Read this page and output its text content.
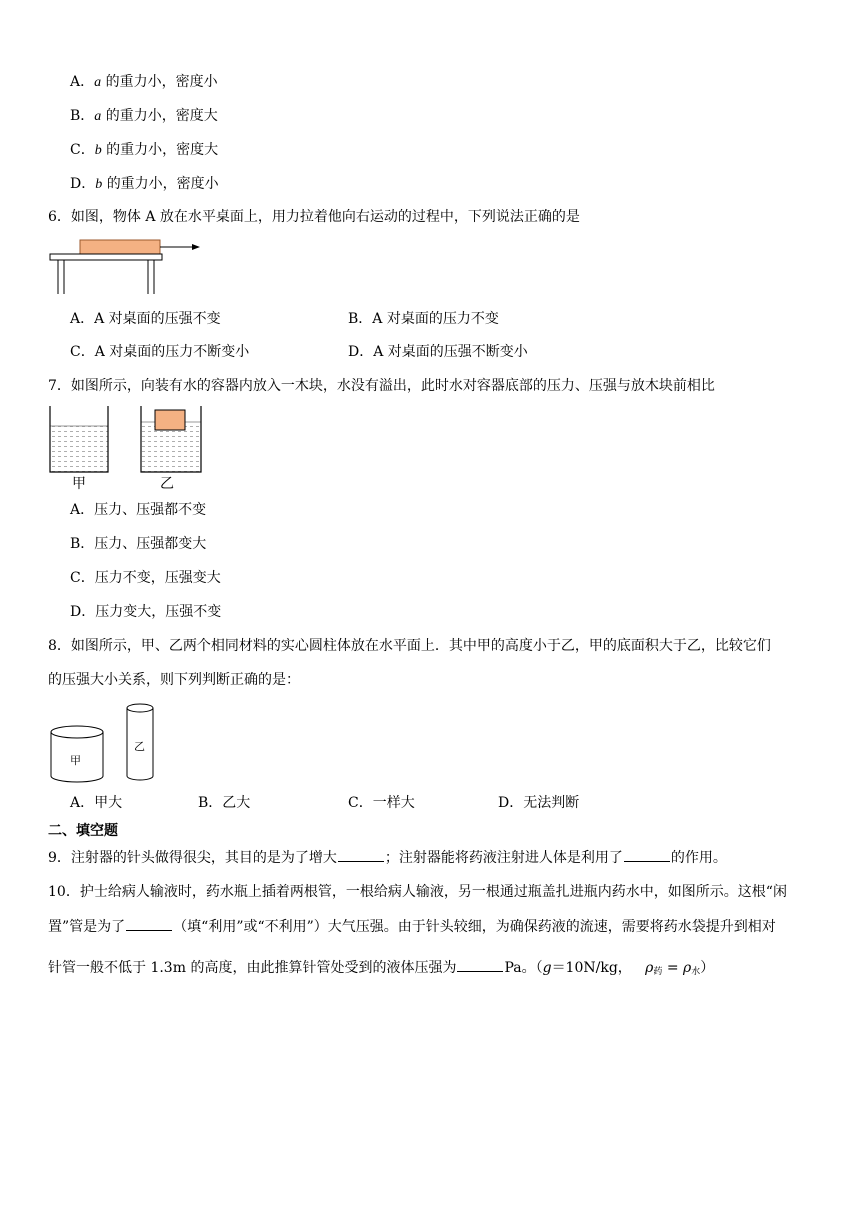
A．a 的重力小，密度小
B．a 的重力小，密度大
C．b 的重力小，密度大
D．b 的重力小，密度小
6．如图，物体 A 放在水平桌面上，用力拉着他向右运动的过程中，下列说法正确的是
A．A 对桌面的压强不变	B．A 对桌面的压力不变
C．A 对桌面的压力不断变小	D．A 对桌面的压强不断变小
7．如图所示，向装有水的容器内放入一木块，水没有溢出，此时水对容器底部的压力、压强与放木块前相比
甲	乙
A．压力、压强都不变
B．压力、压强都变大
C．压力不变，压强变大
D．压力变大，压强不变
8．如图所示，甲、乙两个相同材料的实心圆柱体放在水平面上．其中甲的高度小于乙，甲的底面积大于乙，比较它们
的压强大小关系，则下列判断正确的是：
甲
乙
A．甲大	B．乙大	C．一样大	D．无法判断
二、填空题
9．注射器的针头做得很尖，其目的是为了增大	；注射器能将药液注射进人体是利用了	的作用。
10．护士给病人输液时，药水瓶上插着两根管，一根给病人输液，另一根通过瓶盖扎进瓶内药水中，如图所示。这根“闲
置”管是为了	（填“利用”或“不利用”）大气压强。由于针头较细，为确保药液的流速，需要将药水袋提升到相对
针管一般不低于 1.3m 的高度，由此推算针管处受到的液体压强为	Pa。（g＝10N/kg， $\rho_药 = \rho_水$）
